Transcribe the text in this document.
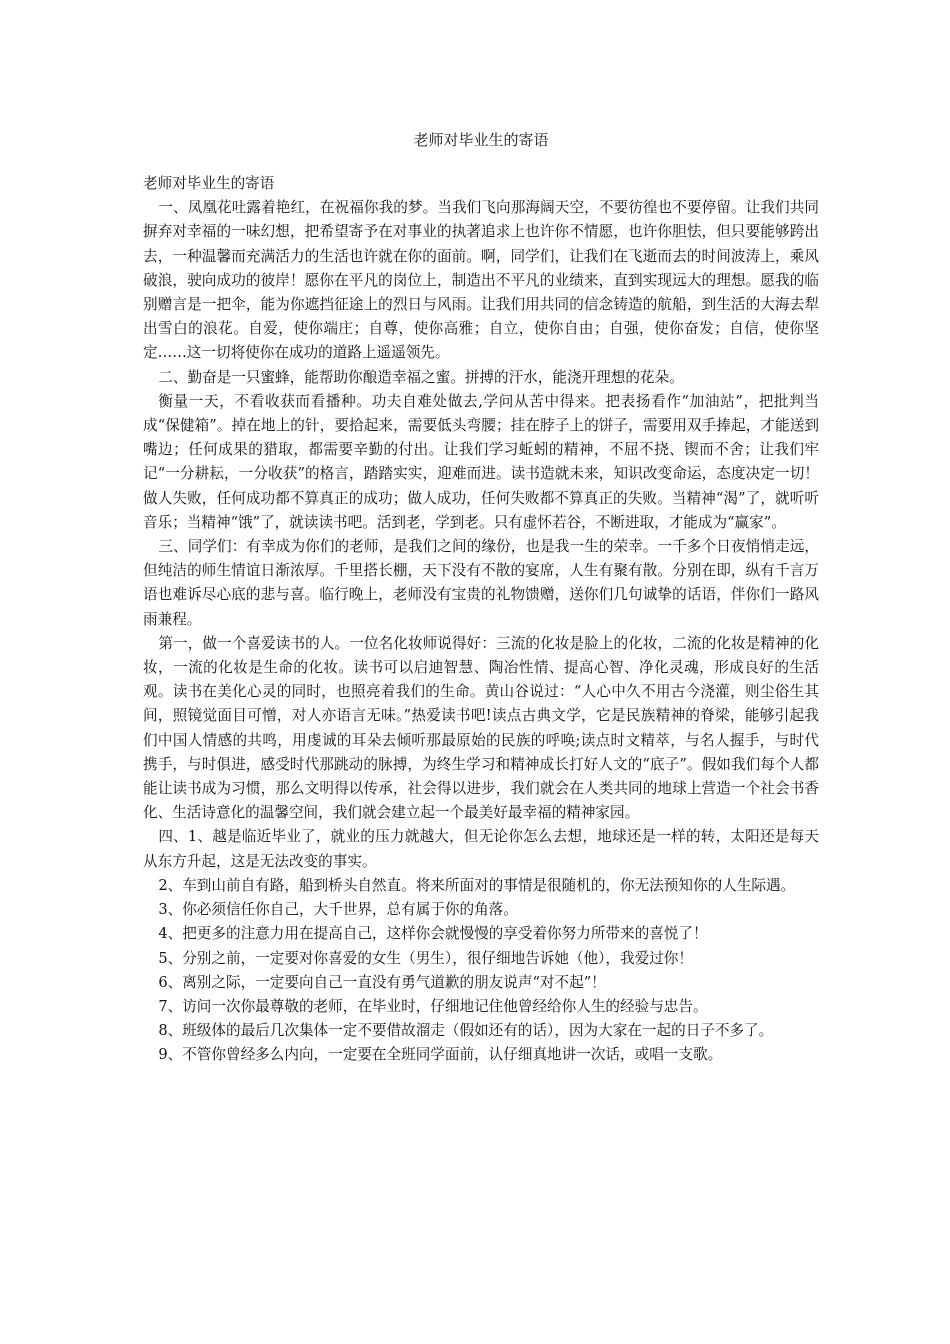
老师对毕业生的寄语

老师对毕业生的寄语

一、凤凰花吐露着艳红，在祝福你我的梦。当我们飞向那海阔天空，不要彷徨也不要停留。让我们共同摒弃对幸福的一味幻想，把希望寄予在对事业的执著追求上也许你不情愿，也许你胆怯，但只要能够跨出去，一种温馨而充满活力的生活也许就在你的面前。啊，同学们，让我们在飞逝而去的时间波涛上，乘风破浪，驶向成功的彼岸！愿你在平凡的岗位上，制造出不平凡的业绩来，直到实现远大的理想。愿我的临别赠言是一把伞，能为你遮挡征途上的烈日与风雨。让我们用共同的信念铸造的航船，到生活的大海去犁出雪白的浪花。自爱，使你端庄；自尊，使你高雅；自立，使你自由；自强，使你奋发；自信，使你坚定……这一切将使你在成功的道路上遥遥领先。

二、勤奋是一只蜜蜂，能帮助你酿造幸福之蜜。拼搏的汗水，能浇开理想的花朵。

衡量一天，不看收获而看播种。功夫自难处做去,学问从苦中得来。把表扬看作“加油站”，把批判当成“保健箱”。掉在地上的针，要拾起来，需要低头弯腰；挂在脖子上的饼子，需要用双手捧起，才能送到嘴边；任何成果的猎取，都需要辛勤的付出。让我们学习蚯蚓的精神，不屈不挠、锲而不舍；让我们牢记“一分耕耘，一分收获”的格言，踏踏实实，迎难而进。读书造就未来，知识改变命运，态度决定一切！做人失败，任何成功都不算真正的成功；做人成功，任何失败都不算真正的失败。当精神“渴”了，就听听音乐；当精神“饿”了，就读读书吧。活到老，学到老。只有虚怀若谷，不断进取，才能成为“赢家”。

三、同学们：有幸成为你们的老师，是我们之间的缘份，也是我一生的荣幸。一千多个日夜悄悄走远，但纯洁的师生情谊日渐浓厚。千里搭长棚，天下没有不散的宴席，人生有聚有散。分别在即，纵有千言万语也难诉尽心底的悲与喜。临行晚上，老师没有宝贵的礼物馈赠，送你们几句诚挚的话语，伴你们一路风雨兼程。

第一，做一个喜爱读书的人。一位名化妆师说得好：三流的化妆是脸上的化妆，二流的化妆是精神的化妆，一流的化妆是生命的化妆。读书可以启迪智慧、陶冶性情、提高心智、净化灵魂，形成良好的生活观。读书在美化心灵的同时，也照亮着我们的生命。黄山谷说过：“人心中久不用古今浇灌，则尘俗生其间，照镜觉面目可憎，对人亦语言无味。”热爱读书吧!读点古典文学，它是民族精神的脊梁，能够引起我们中国人情感的共鸣，用虔诚的耳朵去倾听那最原始的民族的呼唤;读点时文精萃，与名人握手，与时代携手，与时俱进，感受时代那跳动的脉搏，为终生学习和精神成长打好人文的“底子”。假如我们每个人都能让读书成为习惯，那么文明得以传承，社会得以进步，我们就会在人类共同的地球上营造一个社会书香化、生活诗意化的温馨空间，我们就会建立起一个最美好最幸福的精神家园。

四、1、越是临近毕业了，就业的压力就越大，但无论你怎么去想，地球还是一样的转，太阳还是每天从东方升起，这是无法改变的事实。

2、车到山前自有路，船到桥头自然直。将来所面对的事情是很随机的，你无法预知你的人生际遇。

3、你必须信任你自己，大千世界，总有属于你的角落。

4、把更多的注意力用在提高自己，这样你会就慢慢的享受着你努力所带来的喜悦了！

5、分别之前，一定要对你喜爱的女生（男生），很仔细地告诉她（他），我爱过你！

6、离别之际，一定要向自己一直没有勇气道歉的朋友说声“对不起”！

7、访问一次你最尊敬的老师，在毕业时，仔细地记住他曾经给你人生的经验与忠告。

8、班级体的最后几次集体一定不要借故溜走（假如还有的话），因为大家在一起的日子不多了。

9、不管你曾经多么内向，一定要在全班同学面前，认仔细真地讲一次话，或唱一支歌。
